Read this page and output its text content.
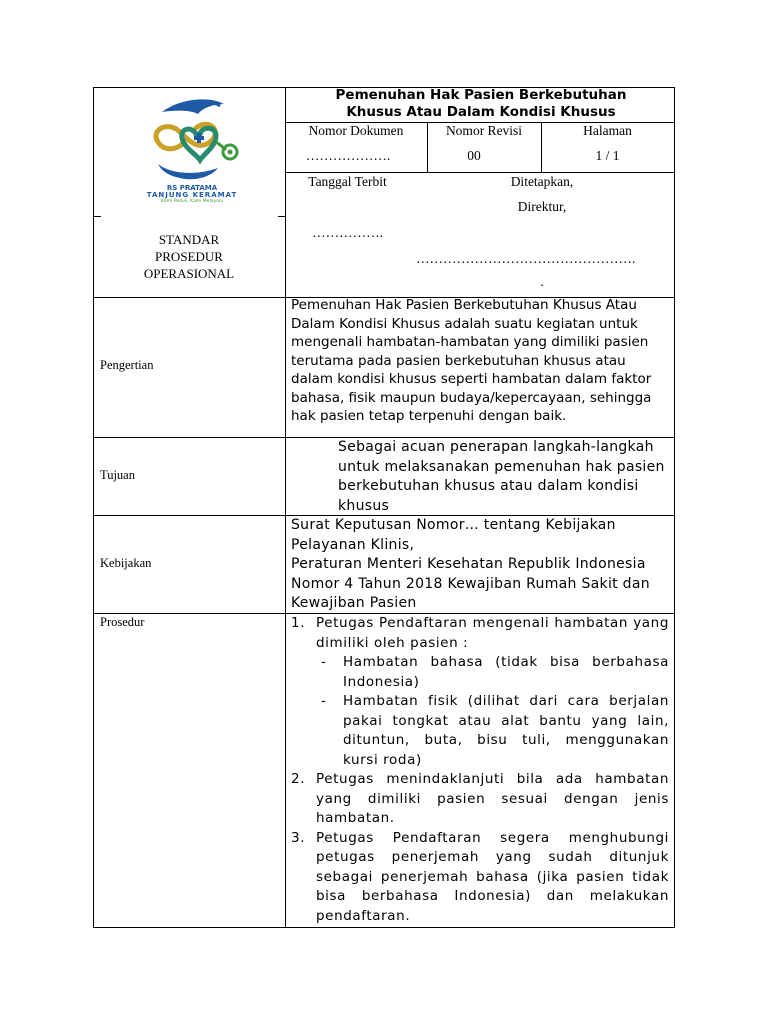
RS PRATAMA
TANJUNG KERAMAT
Kami Peduli, Kami Melayani
STANDAR
PROSEDUR
OPERASIONAL
Pemenuhan Hak Pasien Berkebutuhan
Khusus Atau Dalam Kondisi Khusus
Nomor Dokumen
……………….
Nomor Revisi
00
Halaman
1 / 1
Tanggal Terbit
…………….
Ditetapkan,
Direktur,
………………………………………….
.
Pengertian
Pemenuhan Hak Pasien Berkebutuhan Khusus Atau Dalam Kondisi Khusus adalah suatu kegiatan untuk mengenali hambatan-hambatan yang dimiliki pasien terutama pada pasien berkebutuhan khusus atau dalam kondisi khusus seperti hambatan dalam faktor bahasa, fisik maupun budaya/kepercayaan, sehingga hak pasien tetap terpenuhi dengan baik.
Tujuan
Sebagai acuan penerapan langkah-langkah untuk melaksanakan pemenuhan hak pasien berkebutuhan khusus atau dalam kondisi khusus
Kebijakan
Surat Keputusan Nomor… tentang Kebijakan Pelayanan Klinis,
Peraturan Menteri Kesehatan Republik Indonesia Nomor 4 Tahun 2018 Kewajiban Rumah Sakit dan Kewajiban Pasien
Prosedur	1. Petugas Pendaftaran mengenali hambatan yang dimiliki oleh pasien :
- Hambatan bahasa (tidak bisa berbahasa Indonesia)
- Hambatan fisik (dilihat dari cara berjalan pakai tongkat atau alat bantu yang lain, dituntun, buta, bisu tuli, menggunakan kursi roda)
2. Petugas menindaklanjuti bila ada hambatan yang dimiliki pasien sesuai dengan jenis hambatan.
3. Petugas Pendaftaran segera menghubungi petugas penerjemah yang sudah ditunjuk sebagai penerjemah bahasa (jika pasien tidak bisa berbahasa Indonesia) dan melakukan pendaftaran.
